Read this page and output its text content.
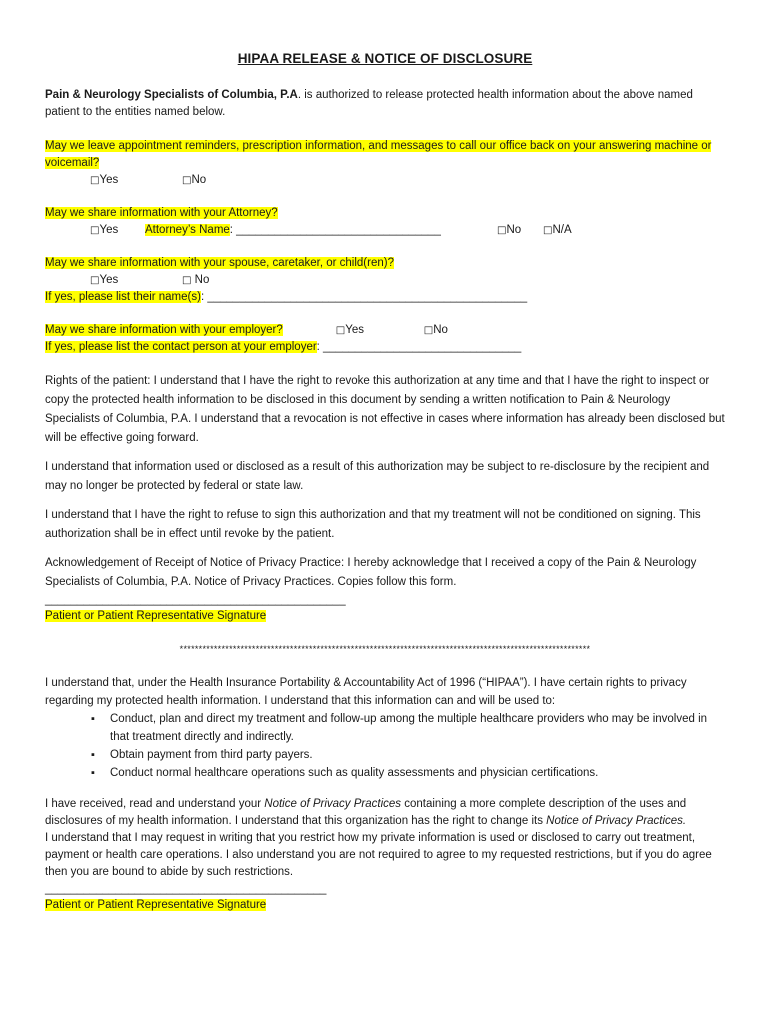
HIPAA RELEASE & NOTICE OF DISCLOSURE

Pain & Neurology Specialists of Columbia, P.A. is authorized to release protected health information about the above named patient to the entities named below.

May we leave appointment reminders, prescription information, and messages to call our office back on your answering machine or voicemail?

□Yes	□No

May we share information with your Attorney?

□Yes Attorney’s Name: ________________________________	□No □N/A

May we share information with your spouse, caretaker, or child(ren)?

□Yes	□ No

If yes, please list their name(s): __________________________________________________

May we share information with your employer?	□Yes	□No

If yes, please list the contact person at your employer: _______________________________

Rights of the patient: I understand that I have the right to revoke this authorization at any time and that I have the right to inspect or copy the protected health information to be disclosed in this document by sending a written notification to Pain & Neurology Specialists of Columbia, P.A. I understand that a revocation is not effective in cases where information has already been disclosed but will be effective going forward.

I understand that information used or disclosed as a result of this authorization may be subject to re-disclosure by the recipient and may no longer be protected by federal or state law.

I understand that I have the right to refuse to sign this authorization and that my treatment will not be conditioned on signing. This authorization shall be in effect until revoke by the patient.

Acknowledgement of Receipt of Notice of Privacy Practice: I hereby acknowledge that I received a copy of the Pain & Neurology Specialists of Columbia, P.A. Notice of Privacy Practices. Copies follow this form.

_______________________________________________
Patient or Patient Representative Signature
************************************************************************************************************

I understand that, under the Health Insurance Portability & Accountability Act of 1996 (“HIPAA”). I have certain rights to privacy regarding my protected health information. I understand that this information can and will be used to:

▪ Conduct, plan and direct my treatment and follow-up among the multiple healthcare providers who may be involved in that treatment directly and indirectly.
▪ Obtain payment from third party payers.
▪ Conduct normal healthcare operations such as quality assessments and physician certifications.

I have received, read and understand your Notice of Privacy Practices containing a more complete description of the uses and disclosures of my health information. I understand that this organization has the right to change its Notice of Privacy Practices.

I understand that I may request in writing that you restrict how my private information is used or disclosed to carry out treatment, payment or health care operations. I also understand you are not required to agree to my requested restrictions, but if you do agree then you are bound to abide by such restrictions.

____________________________________________
Patient or Patient Representative Signature
